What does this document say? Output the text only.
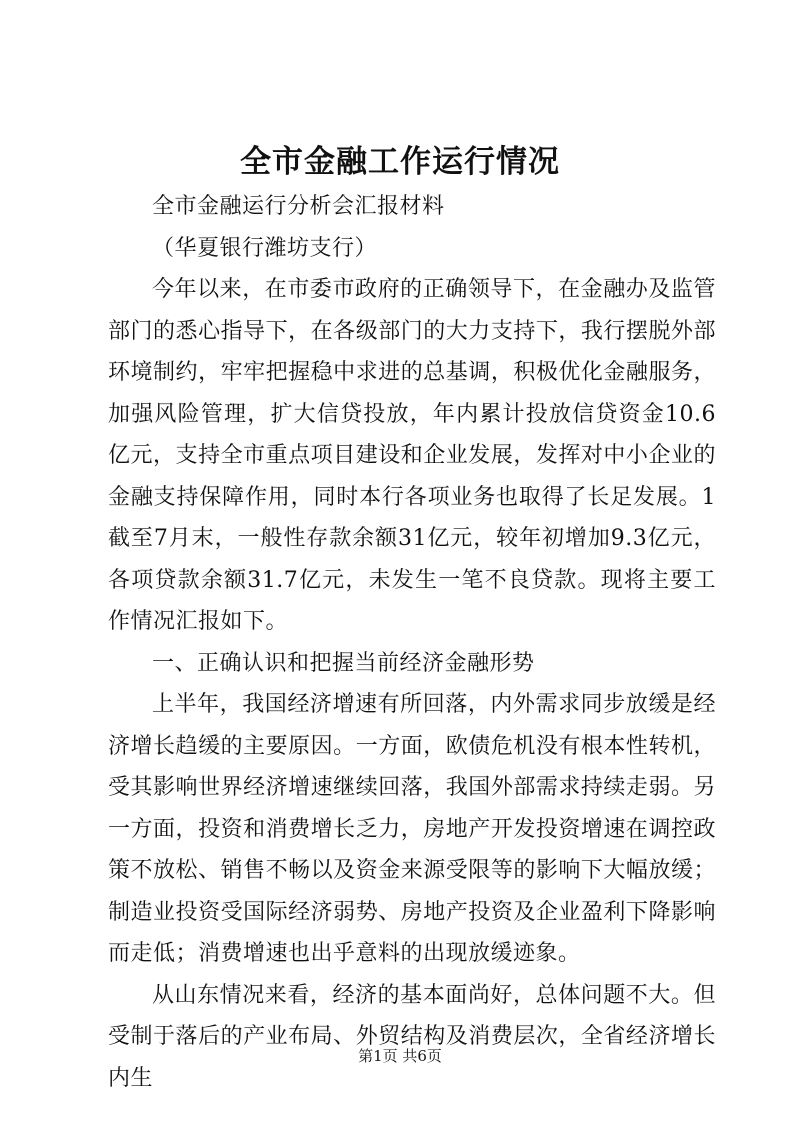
全市金融工作运行情况

全市金融运行分析会汇报材料

（华夏银行潍坊支行）

今年以来，在市委市政府的正确领导下，在金融办及监管部门的悉心指导下，在各级部门的大力支持下，我行摆脱外部环境制约，牢牢把握稳中求进的总基调，积极优化金融服务，加强风险管理，扩大信贷投放，年内累计投放信贷资金10.6亿元，支持全市重点项目建设和企业发展，发挥对中小企业的金融支持保障作用，同时本行各项业务也取得了长足发展。1截至7月末，一般性存款余额31亿元，较年初增加9.3亿元，各项贷款余额31.7亿元，未发生一笔不良贷款。现将主要工作情况汇报如下。

一、正确认识和把握当前经济金融形势

上半年，我国经济增速有所回落，内外需求同步放缓是经济增长趋缓的主要原因。一方面，欧债危机没有根本性转机，受其影响世界经济增速继续回落，我国外部需求持续走弱。另一方面，投资和消费增长乏力，房地产开发投资增速在调控政策不放松、销售不畅以及资金来源受限等的影响下大幅放缓；制造业投资受国际经济弱势、房地产投资及企业盈利下降影响而走低；消费增速也出乎意料的出现放缓迹象。

从山东情况来看，经济的基本面尚好，总体问题不大。但受制于落后的产业布局、外贸结构及消费层次，全省经济增长内生

第1页 共6页
